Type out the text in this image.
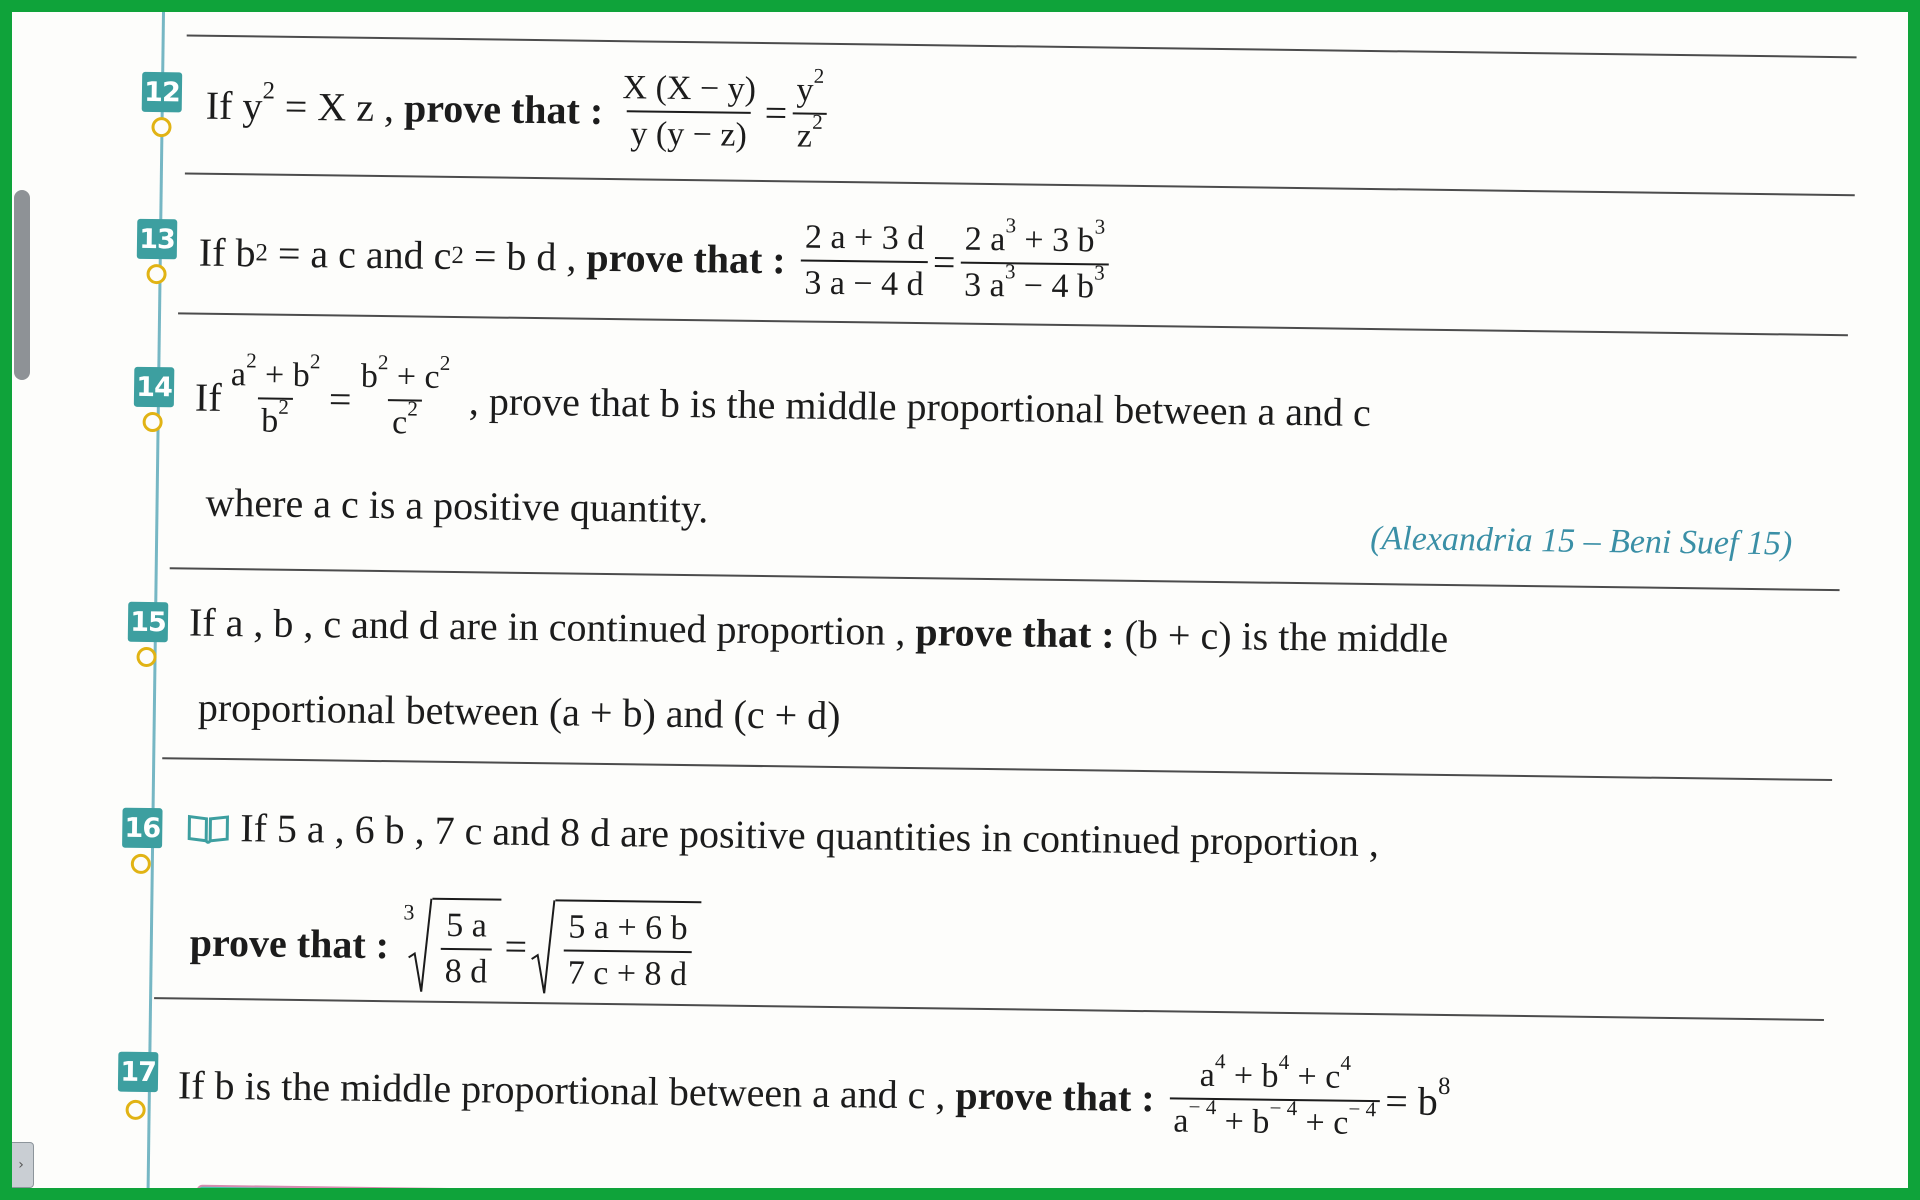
›
12 If
$y^2$
=
X z ,
prove that :
$\frac{X (X - y)}{y (y - z)} = \frac{y^2}{z^2}$
13 If b 2
= a c and c 2
= b d ,
prove that :
$\frac{2 a + 3 d}{3 a - 4 d} = \frac{2 a^3 + 3 b^3}{3 a^3 - 4 b^3}$
14 If $\frac{a^2 + b^2}{b^2} = \frac{b^2 + c^2}{c^2}$
, prove that b is the middle proportional between a and c
where a c is a positive quantity.
(Alexandria 15 – Beni Suef 15)
15 If a , b , c and d are in continued proportion ,
prove that :
(b + c) is the middle
proportional between (a + b) and (c + d)
16 If 5 a , 6 b , 7 c and 8 d are positive quantities in continued proportion ,
prove that :

$3 \frac{5 a}{8 d} = \frac{5 a + 6 b}{7 c + 8 d}$
17 If b is the middle proportional between a and c ,
prove that :
$\frac{a^4 + b^4 + c^4}{a^{- 4} + b^{- 4} + c^{- 4}} = b^8$
